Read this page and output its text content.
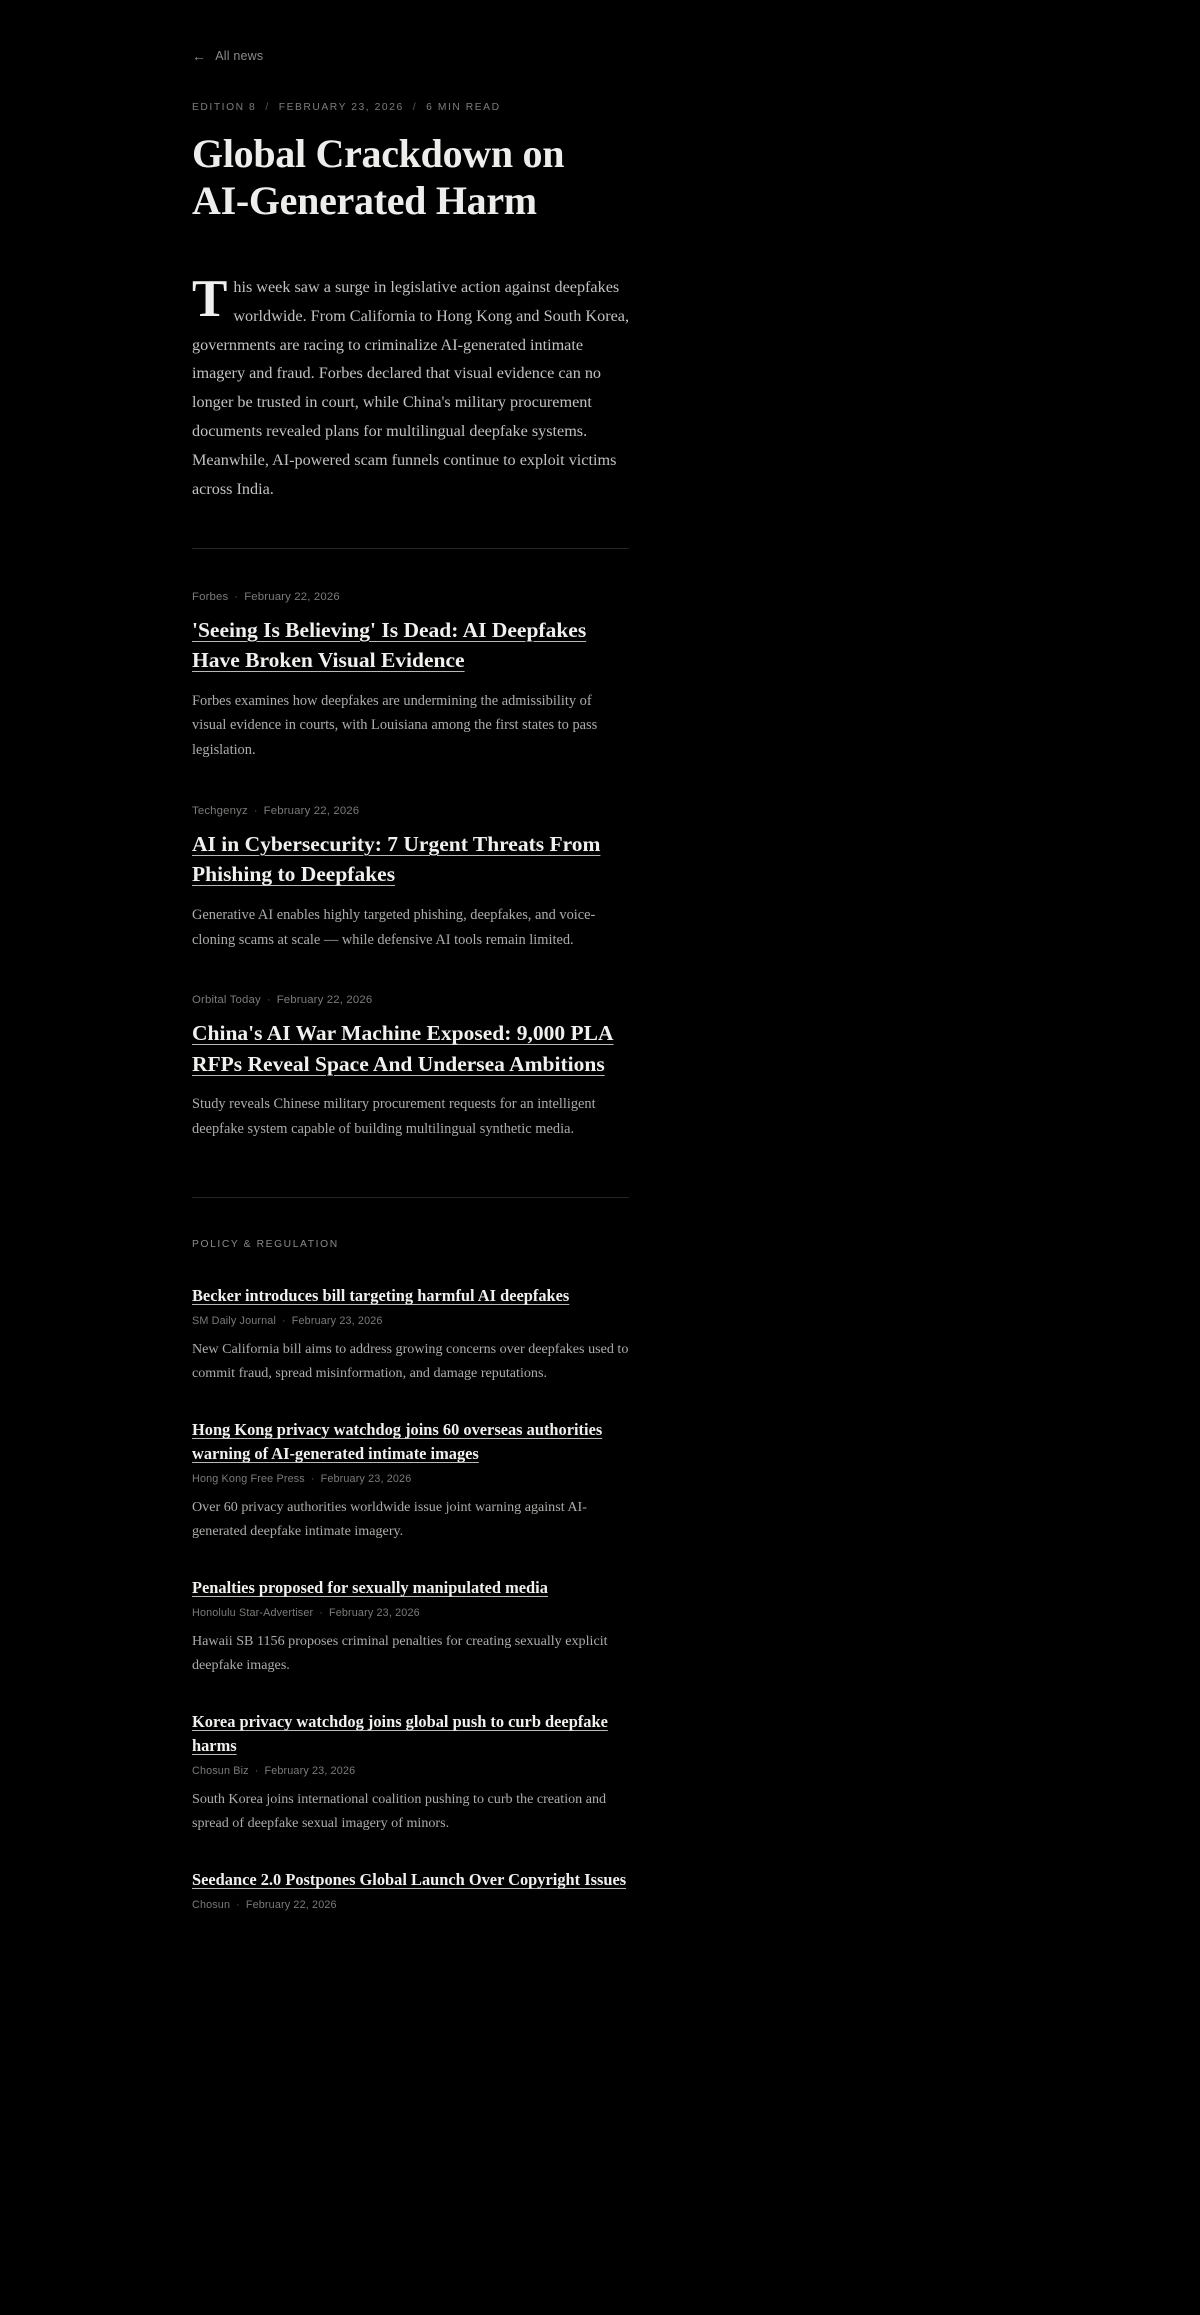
← All news
EDITION 8 / FEBRUARY 23, 2026 / 6 MIN READ
Global Crackdown on AI-Generated Harm
This week saw a surge in legislative action against deepfakes worldwide. From California to Hong Kong and South Korea, governments are racing to criminalize AI-generated intimate imagery and fraud. Forbes declared that visual evidence can no longer be trusted in court, while China's military procurement documents revealed plans for multilingual deepfake systems. Meanwhile, AI-powered scam funnels continue to exploit victims across India.
Forbes · February 22, 2026
'Seeing Is Believing' Is Dead: AI Deepfakes Have Broken Visual Evidence

Forbes examines how deepfakes are undermining the admissibility of visual evidence in courts, with Louisiana among the first states to pass legislation.

Techgenyz · February 22, 2026
AI in Cybersecurity: 7 Urgent Threats From Phishing to Deepfakes

Generative AI enables highly targeted phishing, deepfakes, and voice-cloning scams at scale — while defensive AI tools remain limited.

Orbital Today · February 22, 2026
China's AI War Machine Exposed: 9,000 PLA RFPs Reveal Space And Undersea Ambitions

Study reveals Chinese military procurement requests for an intelligent deepfake system capable of building multilingual synthetic media.

POLICY & REGULATION
Becker introduces bill targeting harmful AI deepfakes
SM Daily Journal · February 23, 2026

New California bill aims to address growing concerns over deepfakes used to commit fraud, spread misinformation, and damage reputations.

Hong Kong privacy watchdog joins 60 overseas authorities warning of AI-generated intimate images
Hong Kong Free Press · February 23, 2026

Over 60 privacy authorities worldwide issue joint warning against AI-generated deepfake intimate imagery.

Penalties proposed for sexually manipulated media
Honolulu Star-Advertiser · February 23, 2026

Hawaii SB 1156 proposes criminal penalties for creating sexually explicit deepfake images.

Korea privacy watchdog joins global push to curb deepfake harms
Chosun Biz · February 23, 2026

South Korea joins international coalition pushing to curb the creation and spread of deepfake sexual imagery of minors.

Seedance 2.0 Postpones Global Launch Over Copyright Issues
Chosun · February 22, 2026
